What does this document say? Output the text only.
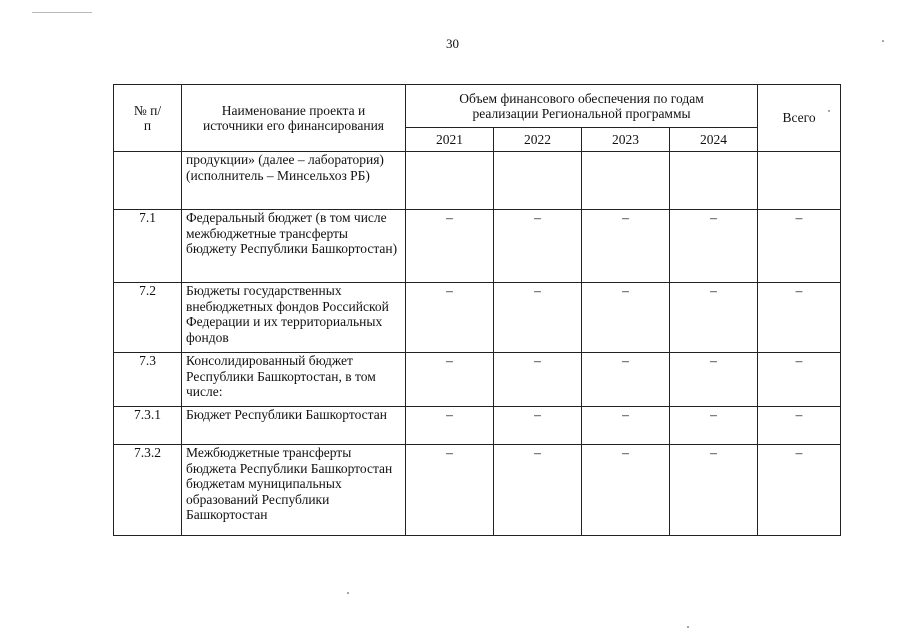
30
№ п/п	Наименование проекта и источники его финансирования	Объем финансового обеспечения по годам реализации Региональной программы				Всего
		2021	2022	2023	2024	
	продукции» (далее – лаборатория) (исполнитель – Минсельхоз РБ)					
7.1	Федеральный бюджет (в том числе межбюджетные трансферты бюджету Республики Башкортостан)	–	–	–	–	–
7.2	Бюджеты государственных внебюджетных фондов Российской Федерации и их территориальных фондов	–	–	–	–	–
7.3	Консолидированный бюджет Республики Башкортостан, в том числе:	–	–	–	–	–
7.3.1	Бюджет Республики Башкортостан	–	–	–	–	–
7.3.2	Межбюджетные трансферты бюджета Республики Башкортостан бюджетам муниципальных образований Республики Башкортостан	–	–	–	–	–
